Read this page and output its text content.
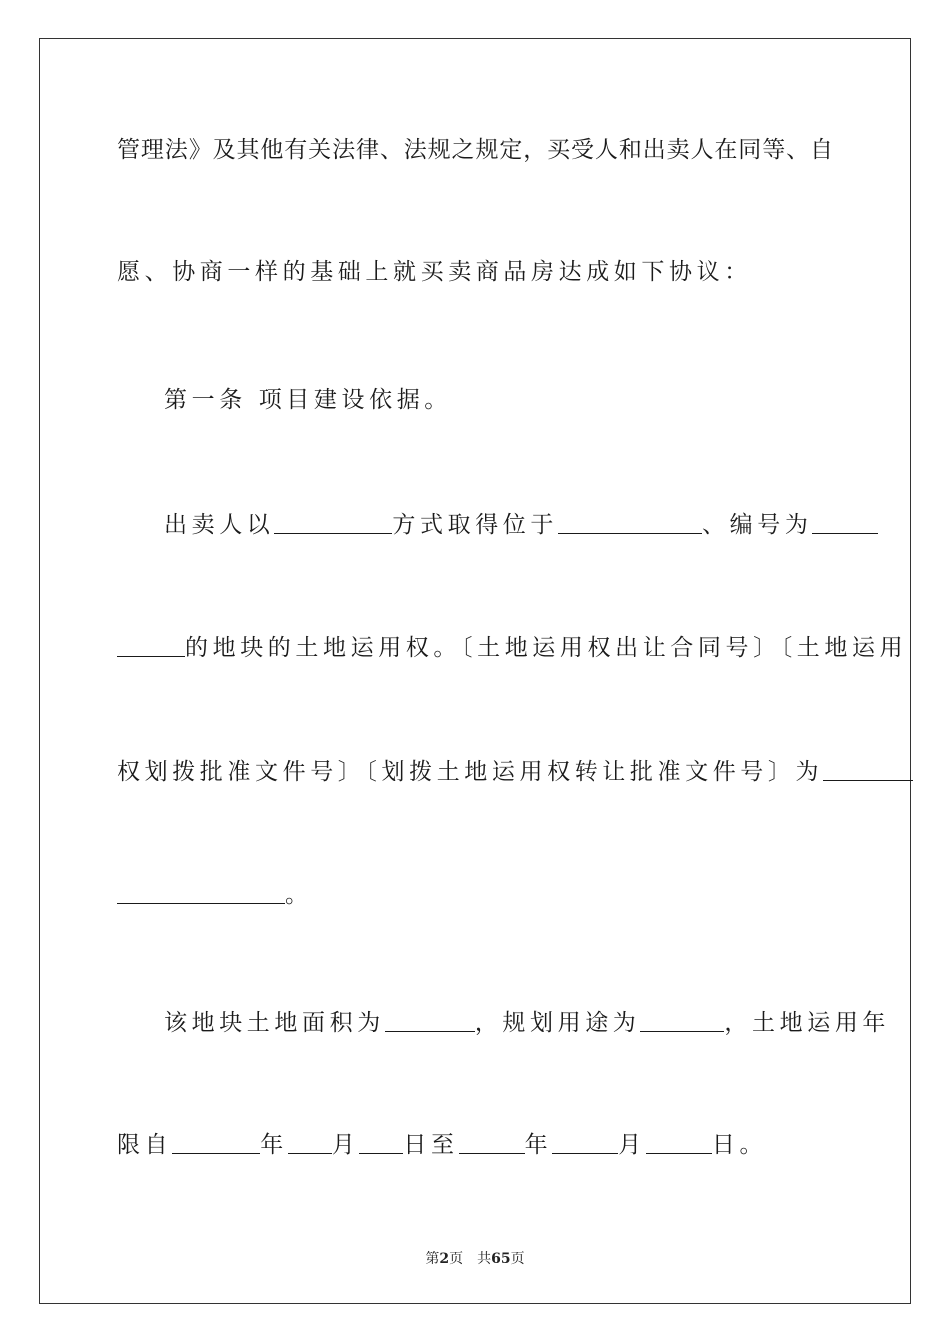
管理法》及其他有关法律、法规之规定，买受人和出卖人在同等、自
愿、协商一样的基础上就买卖商品房达成如下协议：
第一条 项目建设依据。
出卖人以	方式取得位于	、编号为
的地块的土地运用权。〔土地运用权出让合同号〕〔土地运用
权划拨批准文件号〕〔划拨土地运用权转让批准文件号〕为
。
该地块土地面积为	，规划用途为	，土地运用年
限自	年 月 日至	年	月	日。
第2页　共65页
